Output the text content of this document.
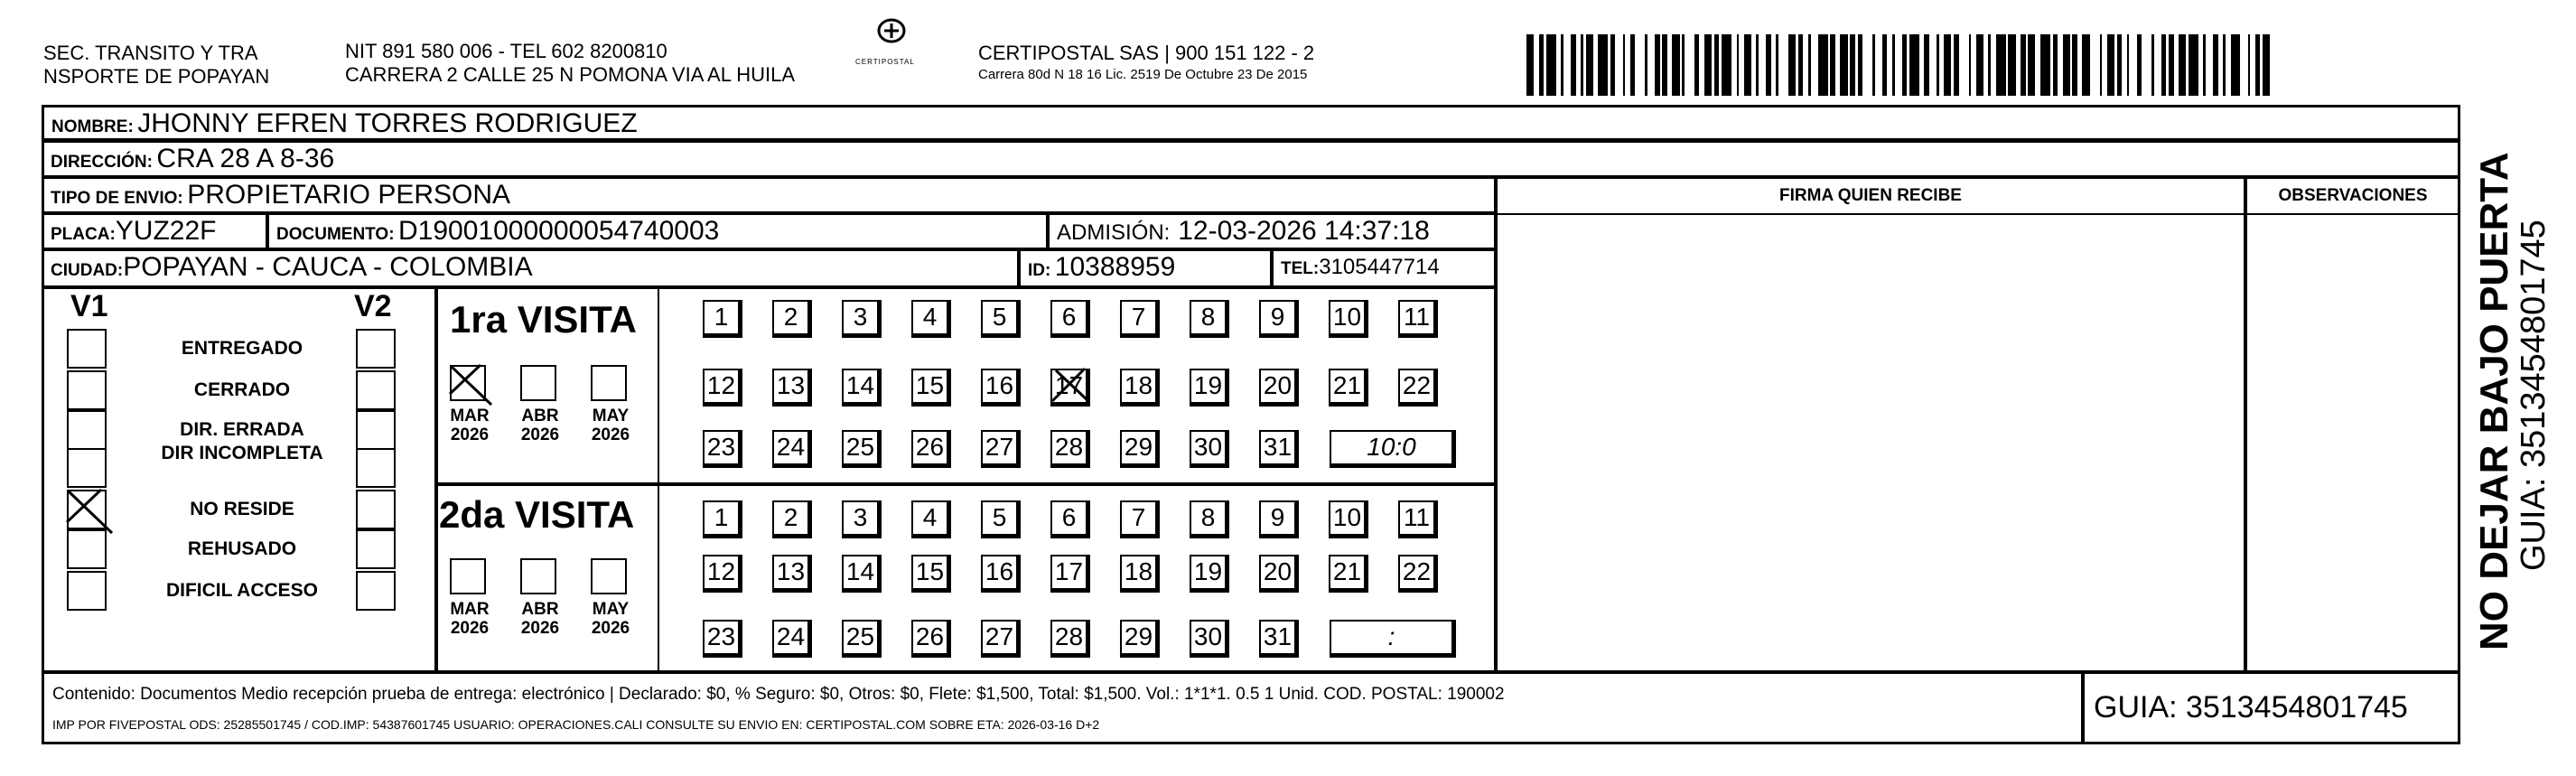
SEC. TRANSITO Y TRA
NSPORTE DE POPAYAN
NIT 891 580 006 - TEL 602 8200810
CARRERA 2 CALLE 25 N POMONA VIA AL HUILA
CERTIPOSTAL	CERTIPOSTAL SAS | 900 151 122 - 2
Carrera 80d N 18 16 Lic. 2519 De Octubre 23 De 2015
NOMBRE: JHONNY EFREN TORRES RODRIGUEZ
DIRECCIÓN: CRA 28 A 8-36
TIPO DE ENVIO: PROPIETARIO PERSONA
PLACA:YUZ22F	DOCUMENTO: D19001000000054740003	ADMISIÓN: 12-03-2026 14:37:18
CIUDAD:POPAYAN - CAUCA - COLOMBIA	ID: 10388959	TEL:3105447714
FIRMA QUIEN RECIBE	OBSERVACIONES	NO DEJAR BAJO PUERTA
GUIA: 3513454801745
V1	V2
ENTREGADO
CERRADO
DIR. ERRADA
DIR INCOMPLETA
NO RESIDE
REHUSADO
DIFICIL ACCESO
1ra VISITA
MAR
2026
ABR
2026
MAY
2026
1	2	3	4	5	6	7	8	9	10 11
12 13 14 15 16 17 18 19 20 21 22
23 24 25 26 27 28 29 30 31	10:0
2da VISITA
MAR
2026
ABR
2026
MAY
2026
1	2	3	4	5	6	7	8	9	10 11
12 13 14 15 16 17 18 19 20 21 22
23 24 25 26 27 28 29 30 31	:
Contenido: Documentos Medio recepción prueba de entrega: electrónico | Declarado: $0, % Seguro: $0, Otros: $0, Flete: $1,500, Total: $1,500. Vol.: 1*1*1. 0.5 1 Unid. COD. POSTAL: 190002
IMP POR FIVEPOSTAL ODS: 25285501745 / COD.IMP: 54387601745 USUARIO: OPERACIONES.CALI CONSULTE SU ENVIO EN: CERTIPOSTAL.COM SOBRE ETA: 2026-03-16 D+2	GUIA: 3513454801745
